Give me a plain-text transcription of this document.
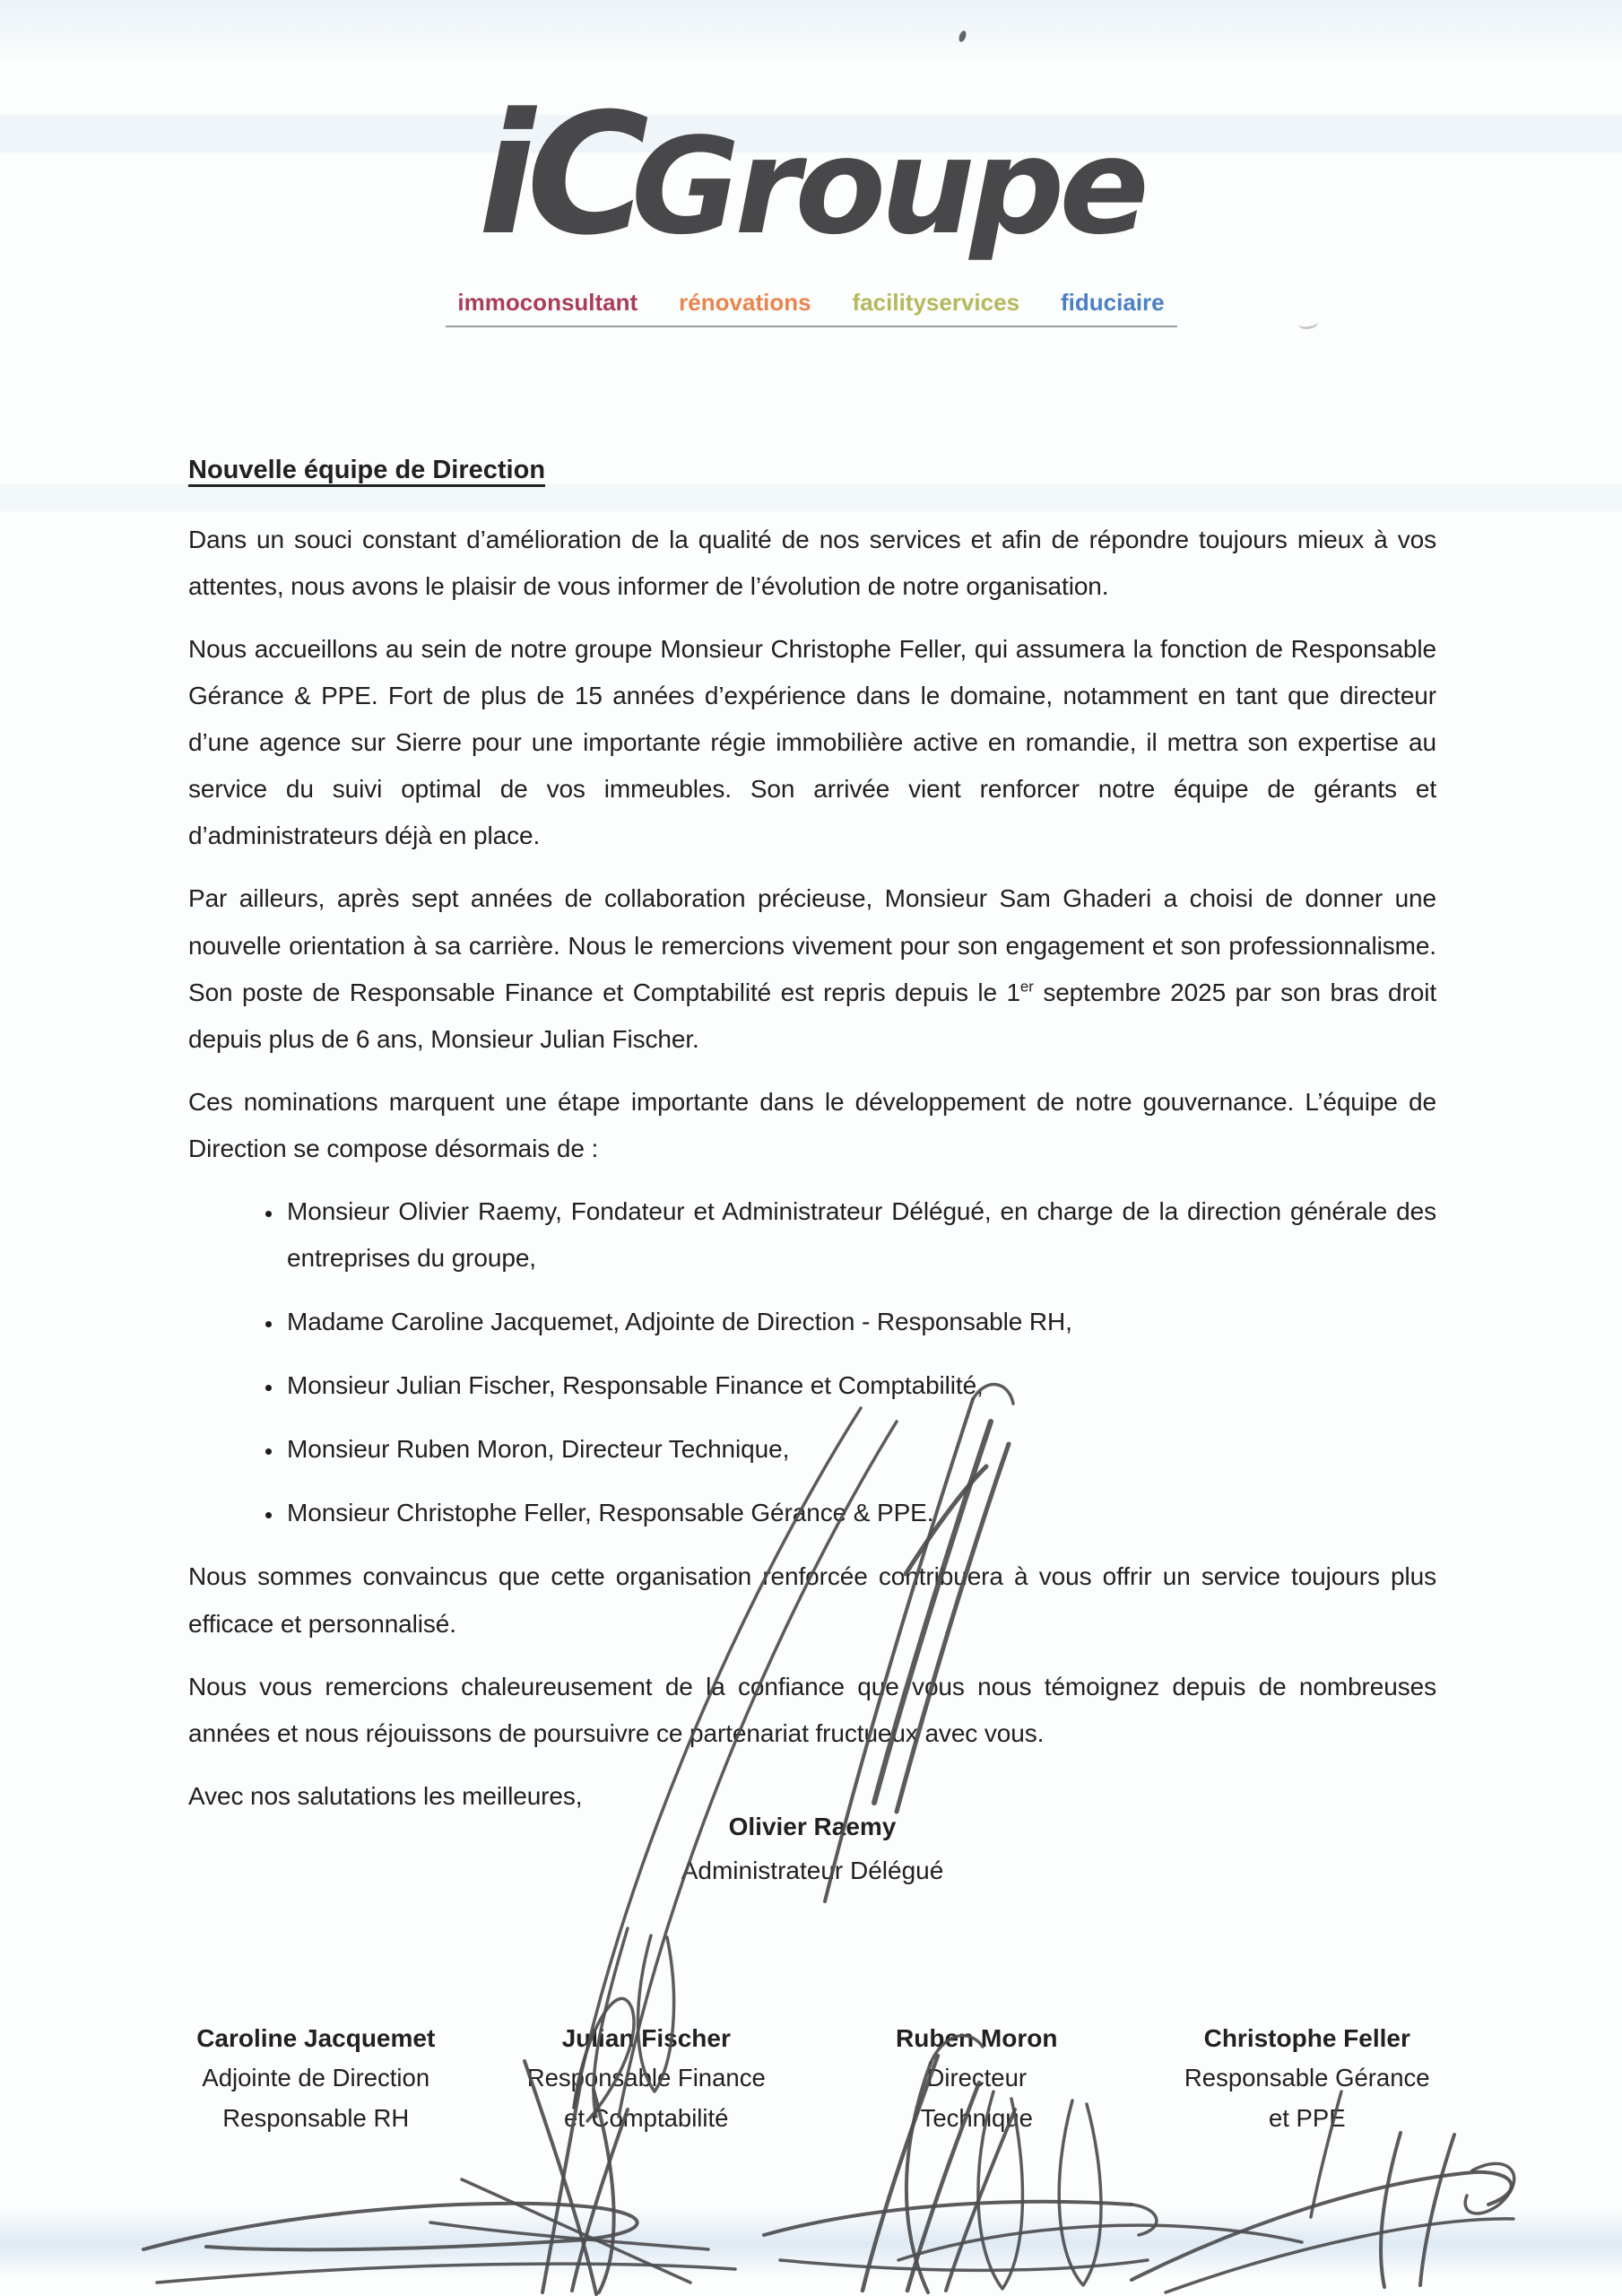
iCGroupe
immoconsultant rénovations facilityservices fiduciaire
Nouvelle équipe de Direction

Dans un souci constant d’amélioration de la qualité de nos services et afin de répondre toujours mieux à vos attentes, nous avons le plaisir de vous informer de l’évolution de notre organisation.

Nous accueillons au sein de notre groupe Monsieur Christophe Feller, qui assumera la fonction de Responsable Gérance & PPE. Fort de plus de 15 années d’expérience dans le domaine, notamment en tant que directeur d’une agence sur Sierre pour une importante régie immobilière active en romandie, il mettra son expertise au service du suivi optimal de vos immeubles. Son arrivée vient renforcer notre équipe de gérants et d’administrateurs déjà en place.

Par ailleurs, après sept années de collaboration précieuse, Monsieur Sam Ghaderi a choisi de donner une nouvelle orientation à sa carrière. Nous le remercions vivement pour son engagement et son professionnalisme. Son poste de Responsable Finance et Comptabilité est repris depuis le 1er septembre 2025 par son bras droit depuis plus de 6 ans, Monsieur Julian Fischer.

Ces nominations marquent une étape importante dans le développement de notre gouvernance. L’équipe de Direction se compose désormais de :

• Monsieur Olivier Raemy, Fondateur et Administrateur Délégué, en charge de la direction générale des entreprises du groupe,
• Madame Caroline Jacquemet, Adjointe de Direction - Responsable RH,
• Monsieur Julian Fischer, Responsable Finance et Comptabilité,
• Monsieur Ruben Moron, Directeur Technique,
• Monsieur Christophe Feller, Responsable Gérance & PPE.

Nous sommes convaincus que cette organisation renforcée contribuera à vous offrir un service toujours plus efficace et personnalisé.

Nous vous remercions chaleureusement de la confiance que vous nous témoignez depuis de nombreuses années et nous réjouissons de poursuivre ce partenariat fructueux avec vous.

Avec nos salutations les meilleures,

Olivier Raemy
Administrateur Délégué
Caroline Jacquemet
Adjointe de Direction
Responsable RH
Julian Fischer
Responsable Finance
et Comptabilité
Ruben Moron
Directeur
Technique
Christophe Feller
Responsable Gérance
et PPE
